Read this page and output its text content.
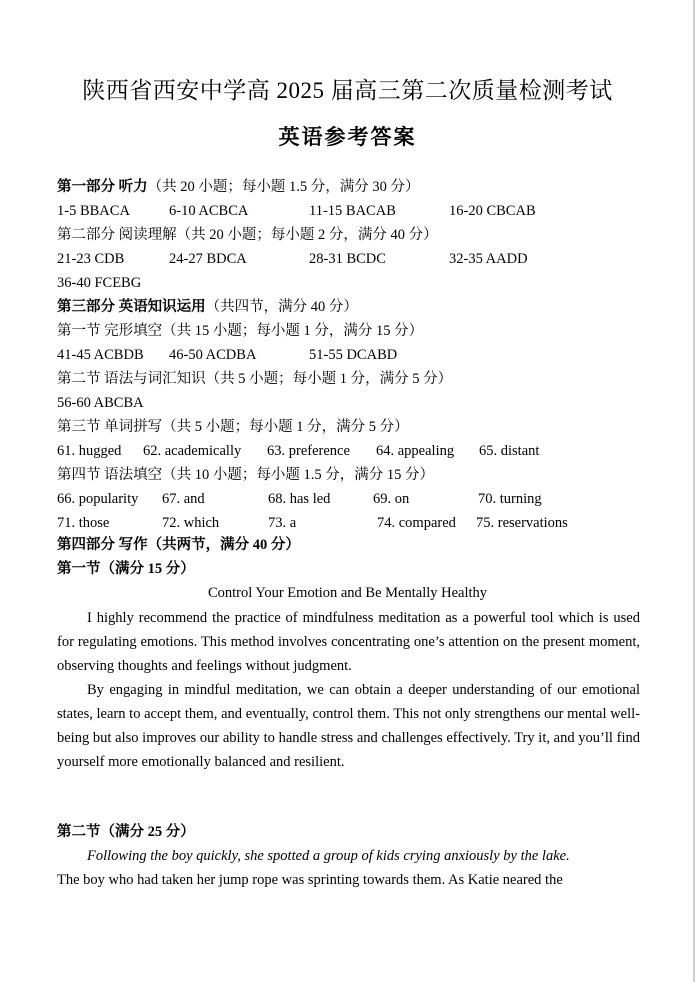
陕西省西安中学高 2025 届高三第二次质量检测考试
英语参考答案
第一部分 听力（共 20 小题；每小题 1.5 分，满分 30 分）
1-5 BBACA	6-10 ACBCA	11-15 BACAB	16-20 CBCAB
第二部分 阅读理解（共 20 小题；每小题 2 分，满分 40 分）
21-23 CDB	24-27 BDCA	28-31 BCDC	32-35 AADD
36-40 FCEBG
第三部分 英语知识运用（共四节，满分 40 分）
第一节 完形填空（共 15 小题；每小题 1 分，满分 15 分）
41-45 ACBDB 46-50 ACDBA	51-55 DCABD
第二节 语法与词汇知识（共 5 小题；每小题 1 分，满分 5 分）
56-60 ABCBA
第三节 单词拼写（共 5 小题；每小题 1 分，满分 5 分）
61. hugged 62. academically 63. preference 64. appealing 65. distant
第四节 语法填空（共 10 小题；每小题 1.5 分，满分 15 分）
66. popularity 67. and	68. has led	69. on	70. turning
71. those	72. which	73. a	74. compared 75. reservations
第四部分 写作（共两节，满分 40 分）
第一节（满分 15 分）
Control Your Emotion and Be Mentally Healthy

I highly recommend the practice of mindfulness meditation as a powerful tool which is used for regulating emotions. This method involves concentrating one’s attention on the present moment, observing thoughts and feelings without judgment.

By engaging in mindful meditation, we can obtain a deeper understanding of our emotional states, learn to accept them, and eventually, control them. This not only strengthens our mental well-being but also improves our ability to handle stress and challenges effectively. Try it, and you’ll find yourself more emotionally balanced and resilient.

第二节（满分 25 分）

Following the boy quickly, she spotted a group of kids crying anxiously by the lake.

The boy who had taken her jump rope was sprinting towards them. As Katie neared the
